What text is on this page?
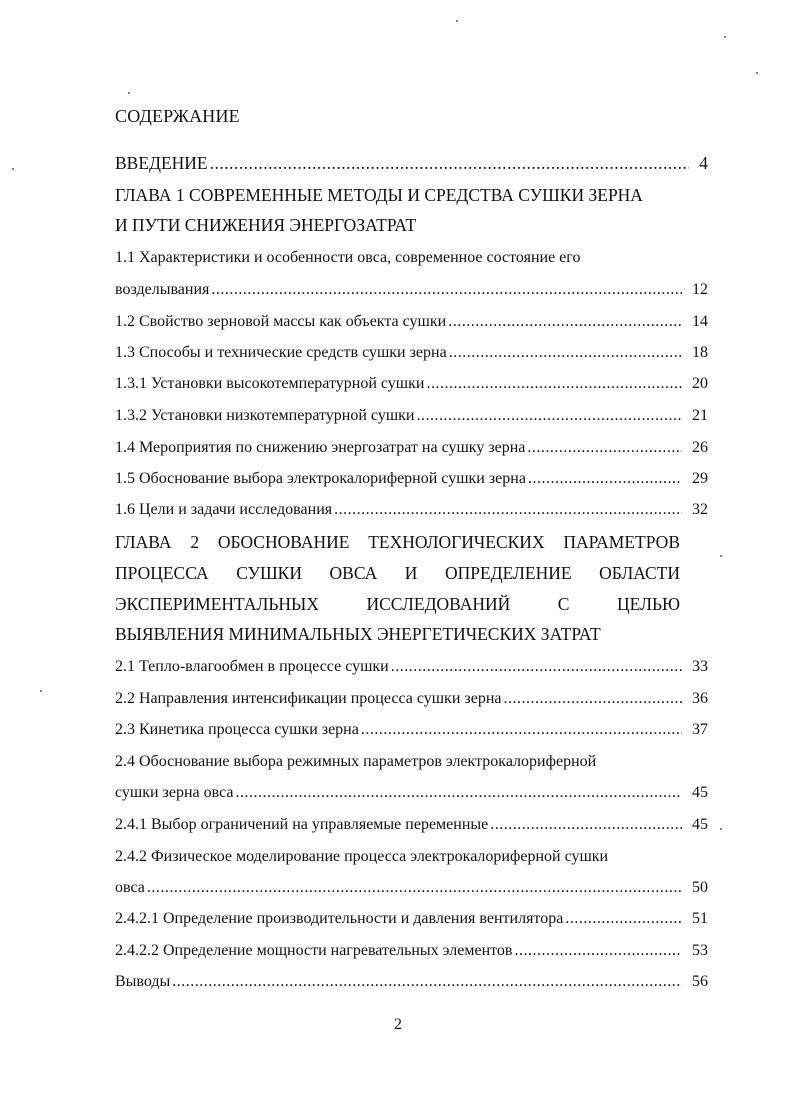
СОДЕРЖАНИЕ
ВВЕДЕНИЕ .....	4
ГЛАВА 1 СОВРЕМЕННЫЕ МЕТОДЫ И СРЕДСТВА СУШКИ ЗЕРНА
И ПУТИ СНИЖЕНИЯ ЭНЕРГОЗАТРАТ
1.1 Характеристики и особенности овса, современное состояние его
возделывания .....	12
1.2 Свойство зерновой массы как объекта сушки .....	14
1.3 Способы и технические средств сушки зерна .....	18
1.3.1 Установки высокотемпературной сушки .....	20
1.3.2 Установки низкотемпературной сушки .....	21
1.4 Мероприятия по снижению энергозатрат на сушку зерна .....	26
1.5 Обоснование выбора электрокалориферной сушки зерна .....	29
1.6 Цели и задачи исследования .....	32
ГЛАВА 2 ОБОСНОВАНИЕ ТЕХНОЛОГИЧЕСКИХ ПАРАМЕТРОВ
ПРОЦЕССА СУШКИ ОВСА И ОПРЕДЕЛЕНИЕ ОБЛАСТИ
ЭКСПЕРИМЕНТАЛЬНЫХ ИССЛЕДОВАНИЙ С ЦЕЛЬЮ
ВЫЯВЛЕНИЯ МИНИМАЛЬНЫХ ЭНЕРГЕТИЧЕСКИХ ЗАТРАТ
2.1 Тепло-влагообмен в процессе сушки .....	33
2.2 Направления интенсификации процесса сушки зерна .....	36
2.3 Кинетика процесса сушки зерна .....	37
2.4 Обоснование выбора режимных параметров электрокалориферной
сушки зерна овса .....	45
2.4.1 Выбор ограничений на управляемые переменные .....	45
2.4.2 Физическое моделирование процесса электрокалориферной сушки
овса .....	50
2.4.2.1 Определение производительности и давления вентилятора .....	51
2.4.2.2 Определение мощности нагревательных элементов .....	53
Выводы .....	56
2
